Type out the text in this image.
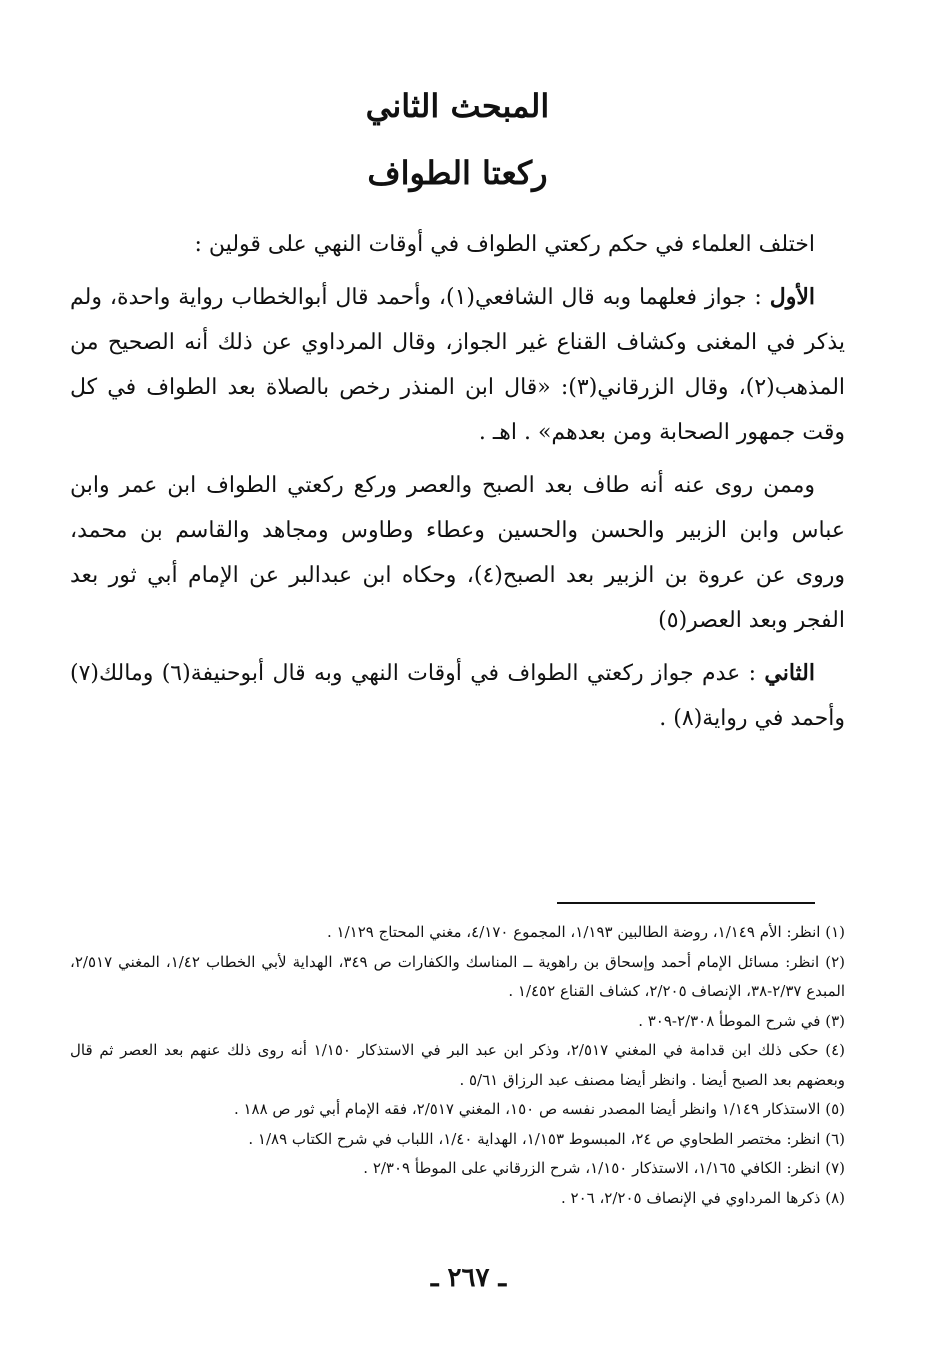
المبحث الثاني
ركعتا الطواف

اختلف العلماء في حكم ركعتي الطواف في أوقات النهي على قولين :

الأول : جواز فعلهما وبه قال الشافعي(١)، وأحمد قال أبوالخطاب رواية واحدة، ولم يذكر في المغنى وكشاف القناع غير الجواز، وقال المرداوي عن ذلك أنه الصحيح من المذهب(٢)، وقال الزرقاني(٣): «قال ابن المنذر رخص بالصلاة بعد الطواف في كل وقت جمهور الصحابة ومن بعدهم» . اهـ .

وممن روى عنه أنه طاف بعد الصبح والعصر وركع ركعتي الطواف ابن عمر وابن عباس وابن الزبير والحسن والحسين وعطاء وطاوس ومجاهد والقاسم بن محمد، وروى عن عروة بن الزبير بعد الصبح(٤)، وحكاه ابن عبدالبر عن الإمام أبي ثور بعد الفجر وبعد العصر(٥)

الثاني : عدم جواز ركعتي الطواف في أوقات النهي وبه قال أبوحنيفة(٦) ومالك(٧) وأحمد في رواية(٨) .

(١) انظر: الأم ١/١٤٩، روضة الطالبين ١/١٩٣، المجموع ٤/١٧٠، مغني المحتاج ١/١٢٩ .

(٢) انظر: مسائل الإمام أحمد وإسحاق بن راهوية ــ المناسك والكفارات ص ٣٤٩، الهداية لأبي الخطاب ١/٤٢، المغني ٢/٥١٧، المبدع ٢/٣٧-٣٨، الإنصاف ٢/٢٠٥، كشاف القناع ١/٤٥٢ .

(٣) في شرح الموطأ ٢/٣٠٨-٣٠٩ .

(٤) حكى ذلك ابن قدامة في المغني ٢/٥١٧، وذكر ابن عبد البر في الاستذكار ١/١٥٠ أنه روى ذلك عنهم بعد العصر ثم قال وبعضهم بعد الصبح أيضا . وانظر أيضا مصنف عبد الرزاق ٥/٦١ .

(٥) الاستذكار ١/١٤٩ وانظر أيضا المصدر نفسه ص ١٥٠، المغني ٢/٥١٧، فقه الإمام أبي ثور ص ١٨٨ .

(٦) انظر: مختصر الطحاوي ص ٢٤، المبسوط ١/١٥٣، الهداية ١/٤٠، اللباب في شرح الكتاب ١/٨٩ .

(٧) انظر: الكافي ١/١٦٥، الاستذكار ١/١٥٠، شرح الزرقاني على الموطأ ٢/٣٠٩ .

(٨) ذكرها المرداوي في الإنصاف ٢/٢٠٥، ٢٠٦ .

ـ ٢٦٧ ـ
